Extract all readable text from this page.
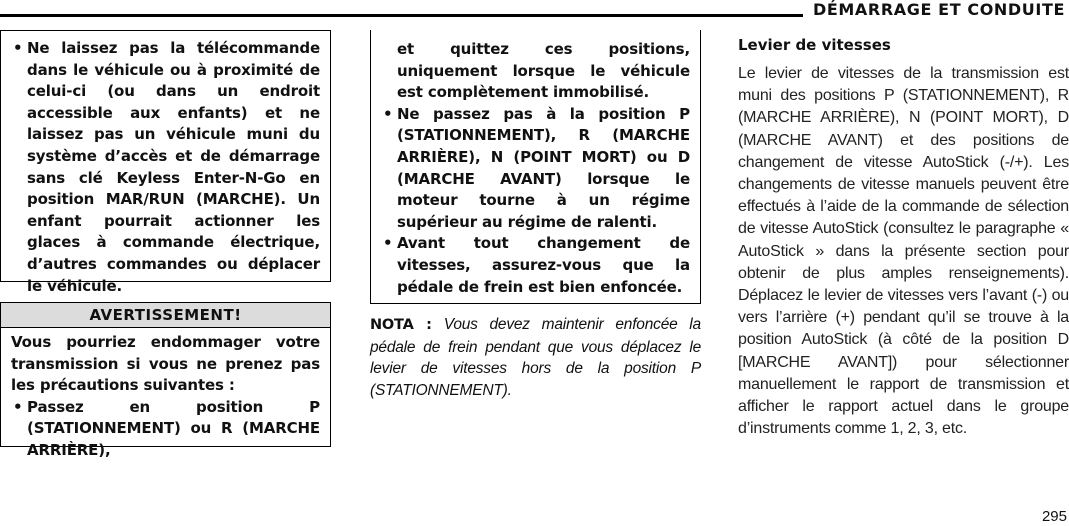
DÉMARRAGE ET CONDUITE
• Ne laissez pas la télécommande dans le véhicule ou à proximité de celui-ci (ou dans un endroit accessible aux enfants) et ne laissez pas un véhicule muni du système d’accès et de démarrage sans clé Keyless Enter-N-Go en position MAR/RUN (MARCHE). Un enfant pourrait actionner les glaces à commande électrique, d’autres commandes ou déplacer le véhicule.
AVERTISSEMENT!
Vous pourriez endommager votre transmission si vous ne prenez pas les précautions suivantes :
• Passez en position P (STATIONNEMENT) ou R (MARCHE ARRIÈRE),
et quittez ces positions, uniquement lorsque le véhicule est complètement immobilisé.
• Ne passez pas à la position P (STATIONNEMENT), R (MARCHE ARRIÈRE), N (POINT MORT) ou D (MARCHE AVANT) lorsque le moteur tourne à un régime supérieur au régime de ralenti.
• Avant tout changement de vitesses, assurez-vous que la pédale de frein est bien enfoncée.
NOTA : Vous devez maintenir enfoncée la pédale de frein pendant que vous déplacez le levier de vitesses hors de la position P (STATIONNEMENT).
Levier de vitesses
Le levier de vitesses de la transmission est muni des positions P (STATIONNEMENT), R (MARCHE ARRIÈRE), N (POINT MORT), D (MARCHE AVANT) et des positions de changement de vitesse AutoStick (-/+). Les changements de vitesse manuels peuvent être effectués à l’aide de la commande de sélection de vitesse AutoStick (consultez le paragraphe « AutoStick » dans la présente section pour obtenir de plus amples renseignements). Déplacez le levier de vitesses vers l’avant (-) ou vers l’arrière (+) pendant qu’il se trouve à la position AutoStick (à côté de la position D [MARCHE AVANT]) pour sélectionner manuellement le rapport de transmission et afficher le rapport actuel dans le groupe d’instruments comme 1, 2, 3, etc.
295
